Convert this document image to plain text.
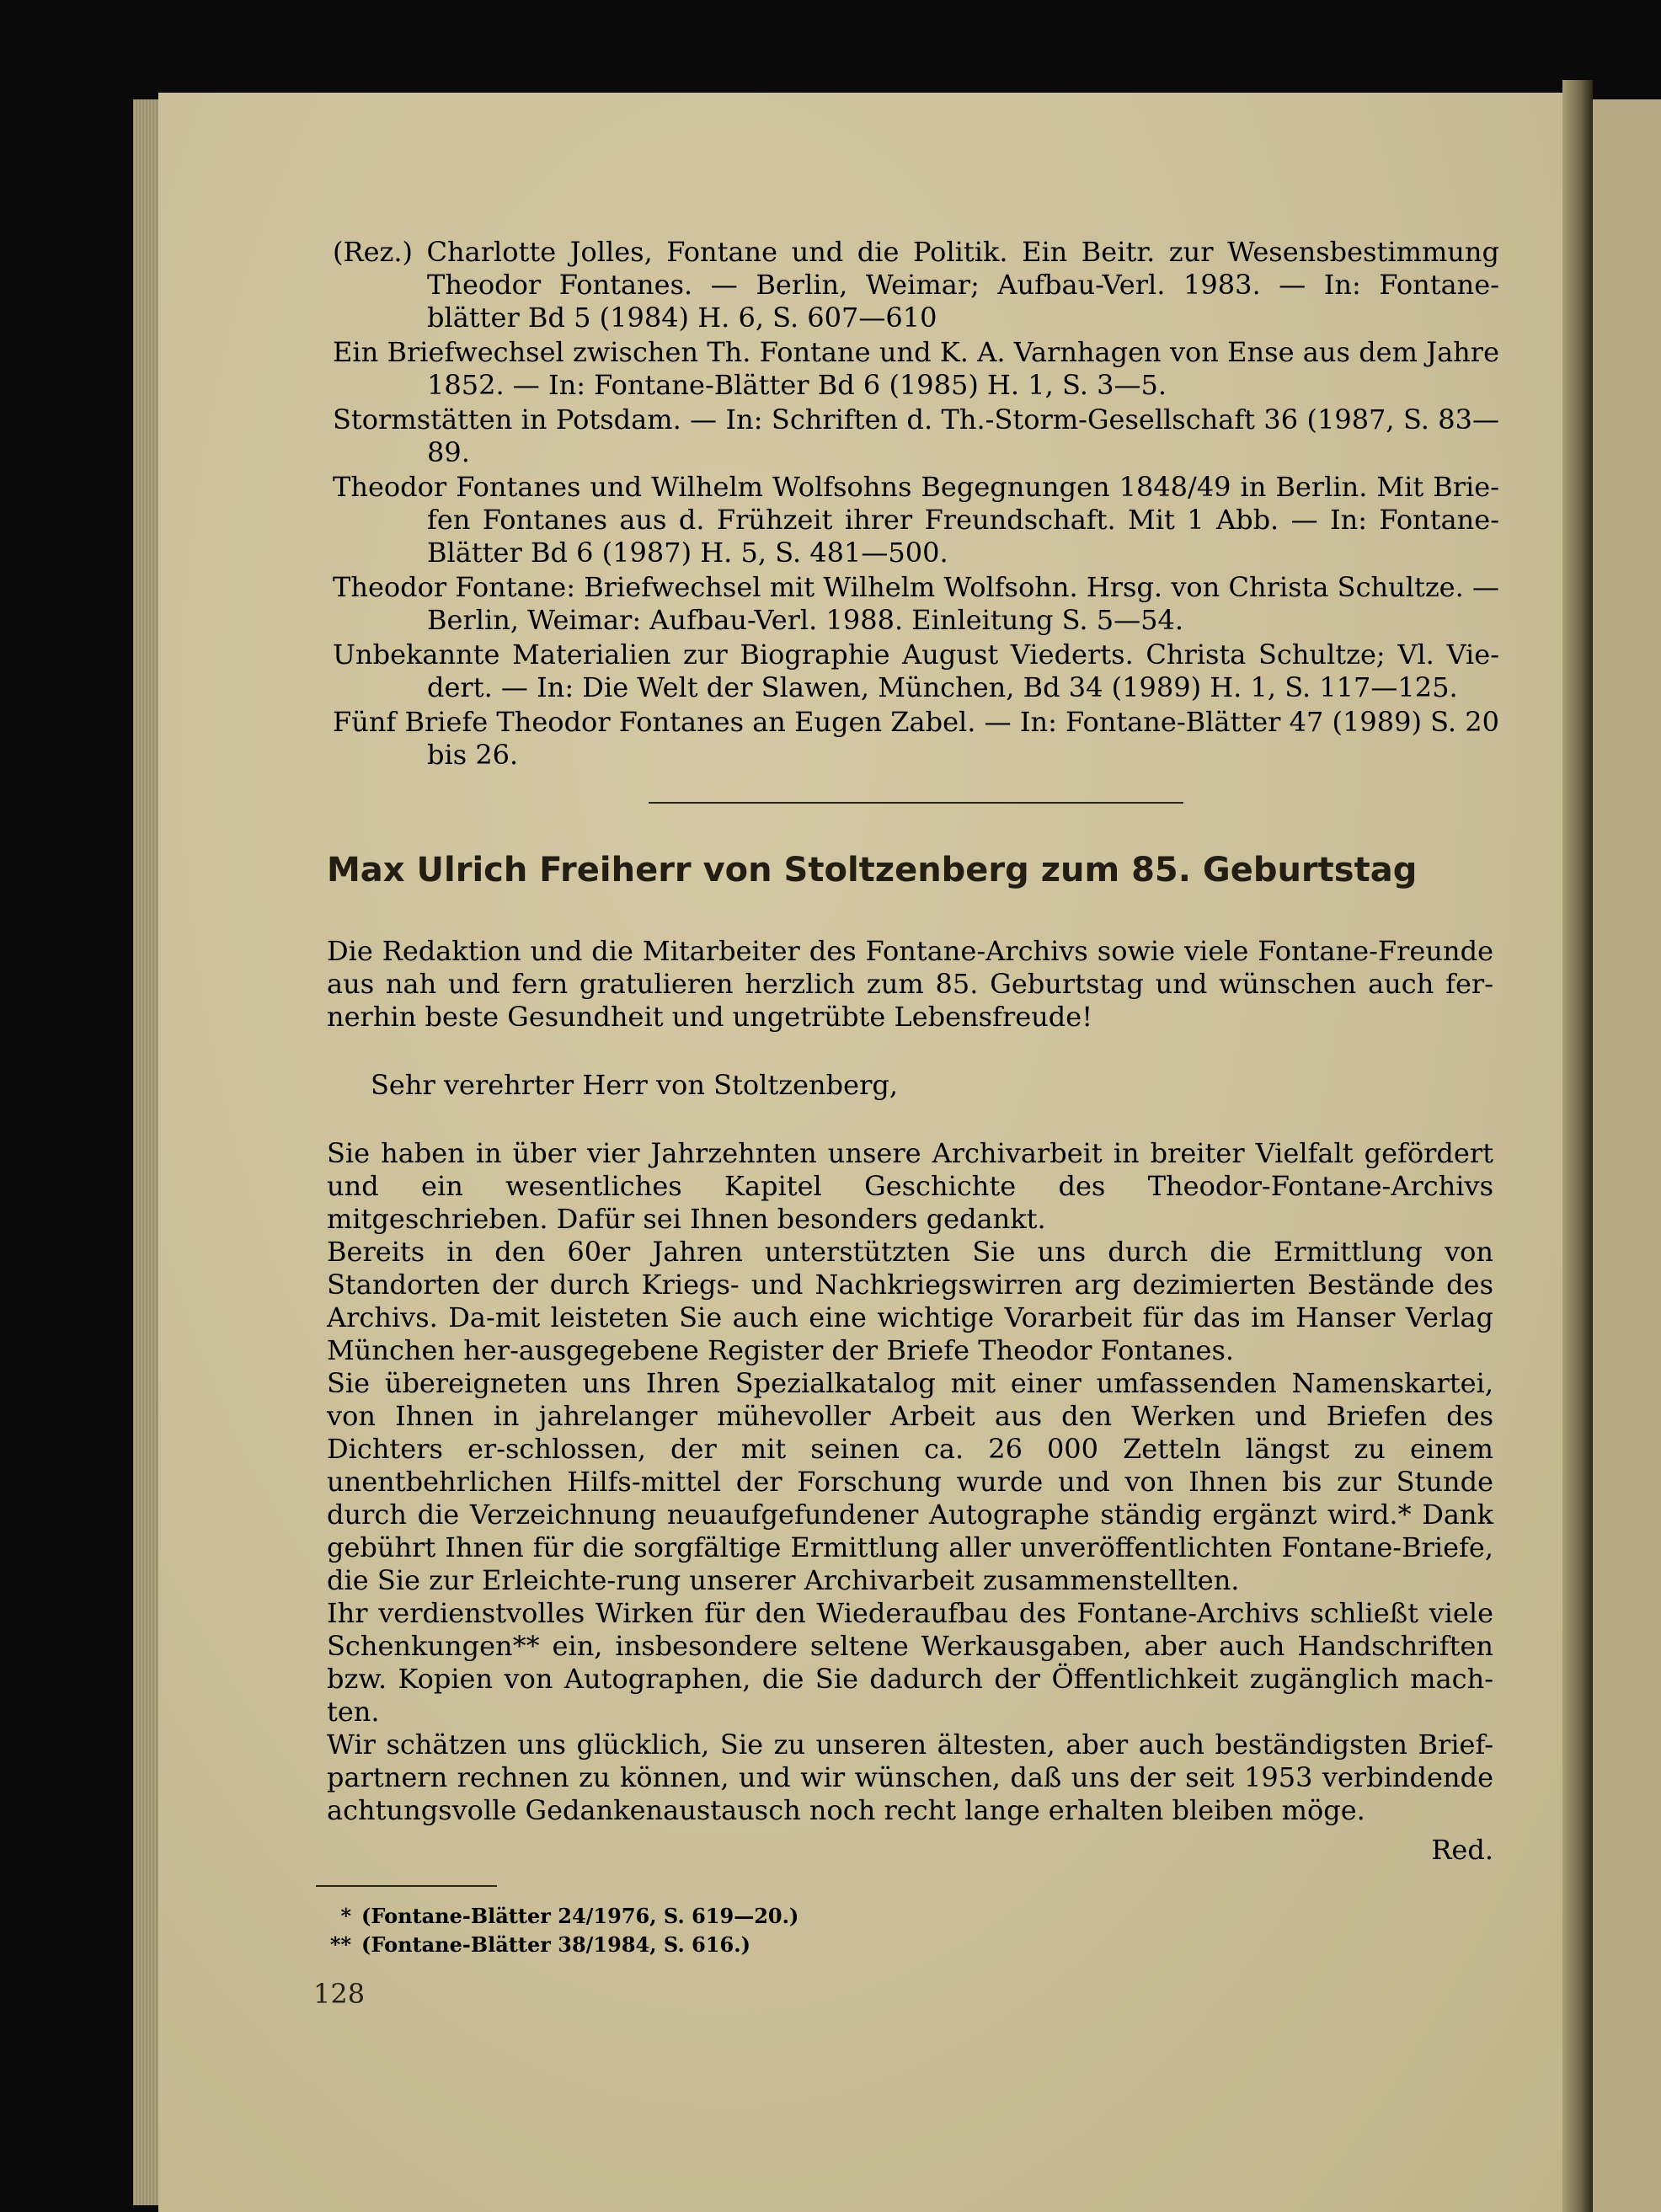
(Rez.) Charlotte Jolles, Fontane und die Politik. Ein Beitr. zur Wesensbestimmung Theodor Fontanes. — Berlin, Weimar; Aufbau-Verl. 1983. — In: Fontane-blätter Bd 5 (1984) H. 6, S. 607—610
Ein Briefwechsel zwischen Th. Fontane und K. A. Varnhagen von Ense aus dem Jahre 1852. — In: Fontane-Blätter Bd 6 (1985) H. 1, S. 3—5.
Stormstätten in Potsdam. — In: Schriften d. Th.-Storm-Gesellschaft 36 (1987, S. 83—89.
Theodor Fontanes und Wilhelm Wolfsohns Begegnungen 1848/49 in Berlin. Mit Brie-fen Fontanes aus d. Frühzeit ihrer Freundschaft. Mit 1 Abb. — In: Fontane-Blätter Bd 6 (1987) H. 5, S. 481—500.
Theodor Fontane: Briefwechsel mit Wilhelm Wolfsohn. Hrsg. von Christa Schultze. — Berlin, Weimar: Aufbau-Verl. 1988. Einleitung S. 5—54.
Unbekannte Materialien zur Biographie August Viederts. Christa Schultze; Vl. Vie-dert. — In: Die Welt der Slawen, München, Bd 34 (1989) H. 1, S. 117—125.
Fünf Briefe Theodor Fontanes an Eugen Zabel. — In: Fontane-Blätter 47 (1989) S. 20 bis 26.
Max Ulrich Freiherr von Stoltzenberg zum 85. Geburtstag

Die Redaktion und die Mitarbeiter des Fontane-Archivs sowie viele Fontane-Freunde aus nah und fern gratulieren herzlich zum 85. Geburtstag und wünschen auch fer-nerhin beste Gesundheit und ungetrübte Lebensfreude!

Sehr verehrter Herr von Stoltzenberg,

Sie haben in über vier Jahrzehnten unsere Archivarbeit in breiter Vielfalt gefördert und ein wesentliches Kapitel Geschichte des Theodor-Fontane-Archivs mitgeschrieben. Dafür sei Ihnen besonders gedankt.

Bereits in den 60er Jahren unterstützten Sie uns durch die Ermittlung von Standorten der durch Kriegs- und Nachkriegswirren arg dezimierten Bestände des Archivs. Da-mit leisteten Sie auch eine wichtige Vorarbeit für das im Hanser Verlag München her-ausgegebene Register der Briefe Theodor Fontanes.

Sie übereigneten uns Ihren Spezialkatalog mit einer umfassenden Namenskartei, von Ihnen in jahrelanger mühevoller Arbeit aus den Werken und Briefen des Dichters er-schlossen, der mit seinen ca. 26 000 Zetteln längst zu einem unentbehrlichen Hilfs-mittel der Forschung wurde und von Ihnen bis zur Stunde durch die Verzeichnung neuaufgefundener Autographe ständig ergänzt wird.* Dank gebührt Ihnen für die sorgfältige Ermittlung aller unveröffentlichten Fontane-Briefe, die Sie zur Erleichte-rung unserer Archivarbeit zusammenstellten.

Ihr verdienstvolles Wirken für den Wiederaufbau des Fontane-Archivs schließt viele Schenkungen** ein, insbesondere seltene Werkausgaben, aber auch Handschriften bzw. Kopien von Autographen, die Sie dadurch der Öffentlichkeit zugänglich mach-ten.

Wir schätzen uns glücklich, Sie zu unseren ältesten, aber auch beständigsten Brief-partnern rechnen zu können, und wir wünschen, daß uns der seit 1953 verbindende achtungsvolle Gedankenaustausch noch recht lange erhalten bleiben möge.

Red.

* (Fontane-Blätter 24/1976, S. 619—20.)
** (Fontane-Blätter 38/1984, S. 616.)
128
